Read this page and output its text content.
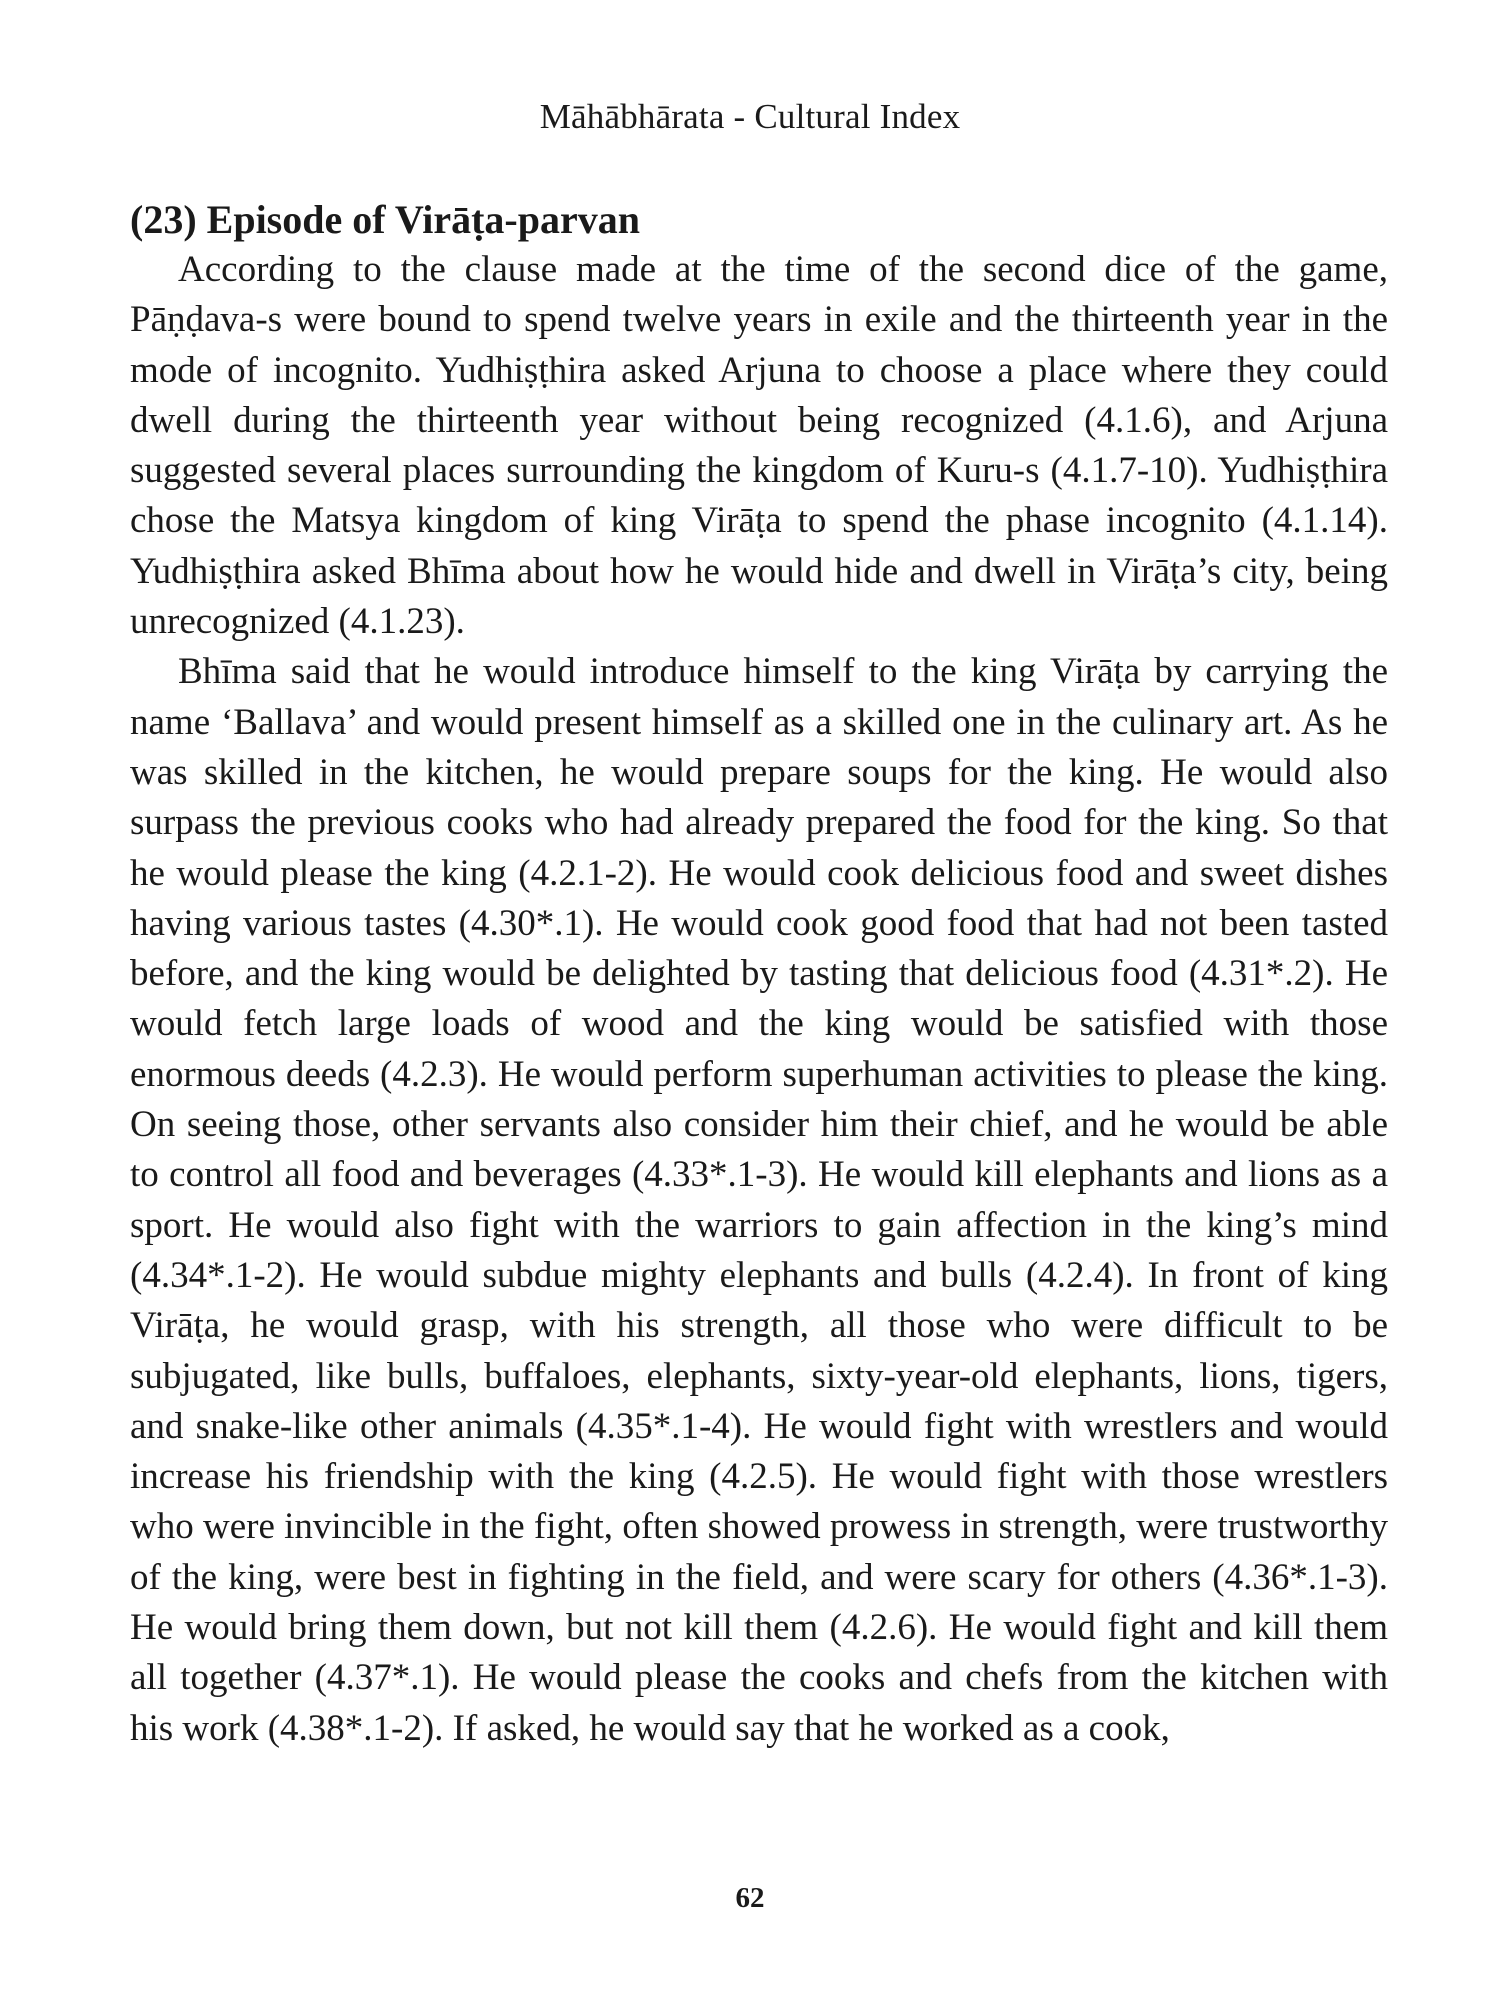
Māhābhārata - Cultural Index
(23) Episode of Virāṭa-parvan

According to the clause made at the time of the second dice of the game, Pāṇḍava-s were bound to spend twelve years in exile and the thirteenth year in the mode of incognito. Yudhiṣṭhira asked Arjuna to choose a place where they could dwell during the thirteenth year without being recognized (4.1.6), and Arjuna suggested several places surrounding the kingdom of Kuru-s (4.1.7-10). Yudhiṣṭhira chose the Matsya kingdom of king Virāṭa to spend the phase incognito (4.1.14). Yudhiṣṭhira asked Bhīma about how he would hide and dwell in Virāṭa’s city, being unrecognized (4.1.23).

Bhīma said that he would introduce himself to the king Virāṭa by carrying the name ‘Ballava’ and would present himself as a skilled one in the culinary art. As he was skilled in the kitchen, he would prepare soups for the king. He would also surpass the previous cooks who had already prepared the food for the king. So that he would please the king (4.2.1-2). He would cook delicious food and sweet dishes having various tastes (4.30*.1). He would cook good food that had not been tasted before, and the king would be delighted by tasting that delicious food (4.31*.2). He would fetch large loads of wood and the king would be satisfied with those enormous deeds (4.2.3). He would perform superhuman activities to please the king. On seeing those, other servants also consider him their chief, and he would be able to control all food and beverages (4.33*.1-3). He would kill elephants and lions as a sport. He would also fight with the warriors to gain affection in the king’s mind (4.34*.1-2). He would subdue mighty elephants and bulls (4.2.4). In front of king Virāṭa, he would grasp, with his strength, all those who were difficult to be subjugated, like bulls, buffaloes, elephants, sixty-year-old elephants, lions, tigers, and snake-like other animals (4.35*.1-4). He would fight with wrestlers and would increase his friendship with the king (4.2.5). He would fight with those wrestlers who were invincible in the fight, often showed prowess in strength, were trustworthy of the king, were best in fighting in the field, and were scary for others (4.36*.1-3). He would bring them down, but not kill them (4.2.6). He would fight and kill them all together (4.37*.1). He would please the cooks and chefs from the kitchen with his work (4.38*.1-2). If asked, he would say that he worked as a cook,

62
